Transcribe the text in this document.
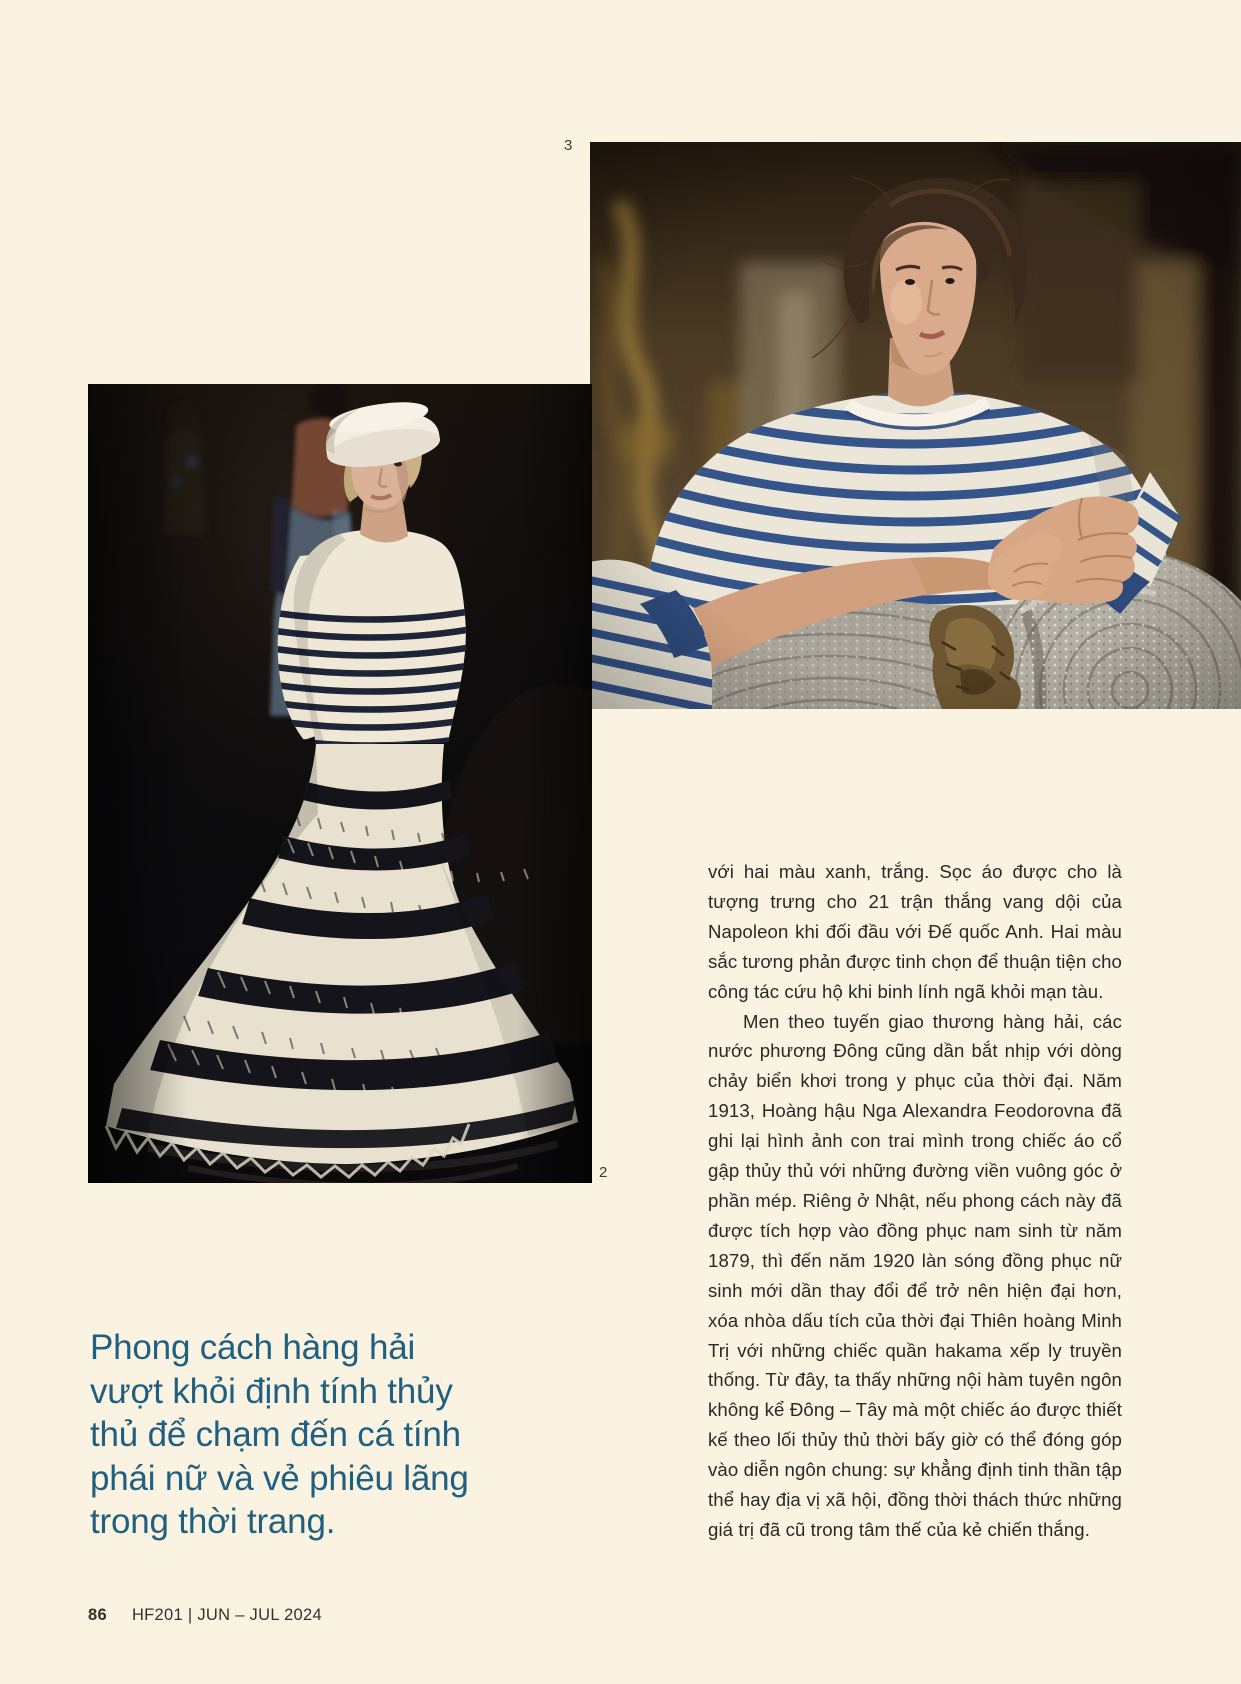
3
2

với hai màu xanh, trắng. Sọc áo được cho là tượng trưng cho 21 trận thắng vang dội của Napoleon khi đối đầu với Đế quốc Anh. Hai màu sắc tương phản được tinh chọn để thuận tiện cho công tác cứu hộ khi binh lính ngã khỏi mạn tàu.

Men theo tuyến giao thương hàng hải, các nước phương Đông cũng dần bắt nhịp với dòng chảy biển khơi trong y phục của thời đại. Năm 1913, Hoàng hậu Nga Alexandra Feodorovna đã ghi lại hình ảnh con trai mình trong chiếc áo cổ gập thủy thủ với những đường viền vuông góc ở phần mép. Riêng ở Nhật, nếu phong cách này đã được tích hợp vào đồng phục nam sinh từ năm 1879, thì đến năm 1920 làn sóng đồng phục nữ sinh mới dần thay đổi để trở nên hiện đại hơn, xóa nhòa dấu tích của thời đại Thiên hoàng Minh Trị với những chiếc quần hakama xếp ly truyền thống. Từ đây, ta thấy những nội hàm tuyên ngôn không kể Đông – Tây mà một chiếc áo được thiết kế theo lối thủy thủ thời bấy giờ có thể đóng góp vào diễn ngôn chung: sự khẳng định tinh thần tập thể hay địa vị xã hội, đồng thời thách thức những giá trị đã cũ trong tâm thế của kẻ chiến thắng.

Phong cách hàng hải
vượt khỏi định tính thủy
thủ để chạm đến cá tính
phái nữ và vẻ phiêu lãng
trong thời trang.
86 HF201 | JUN – JUL 2024
